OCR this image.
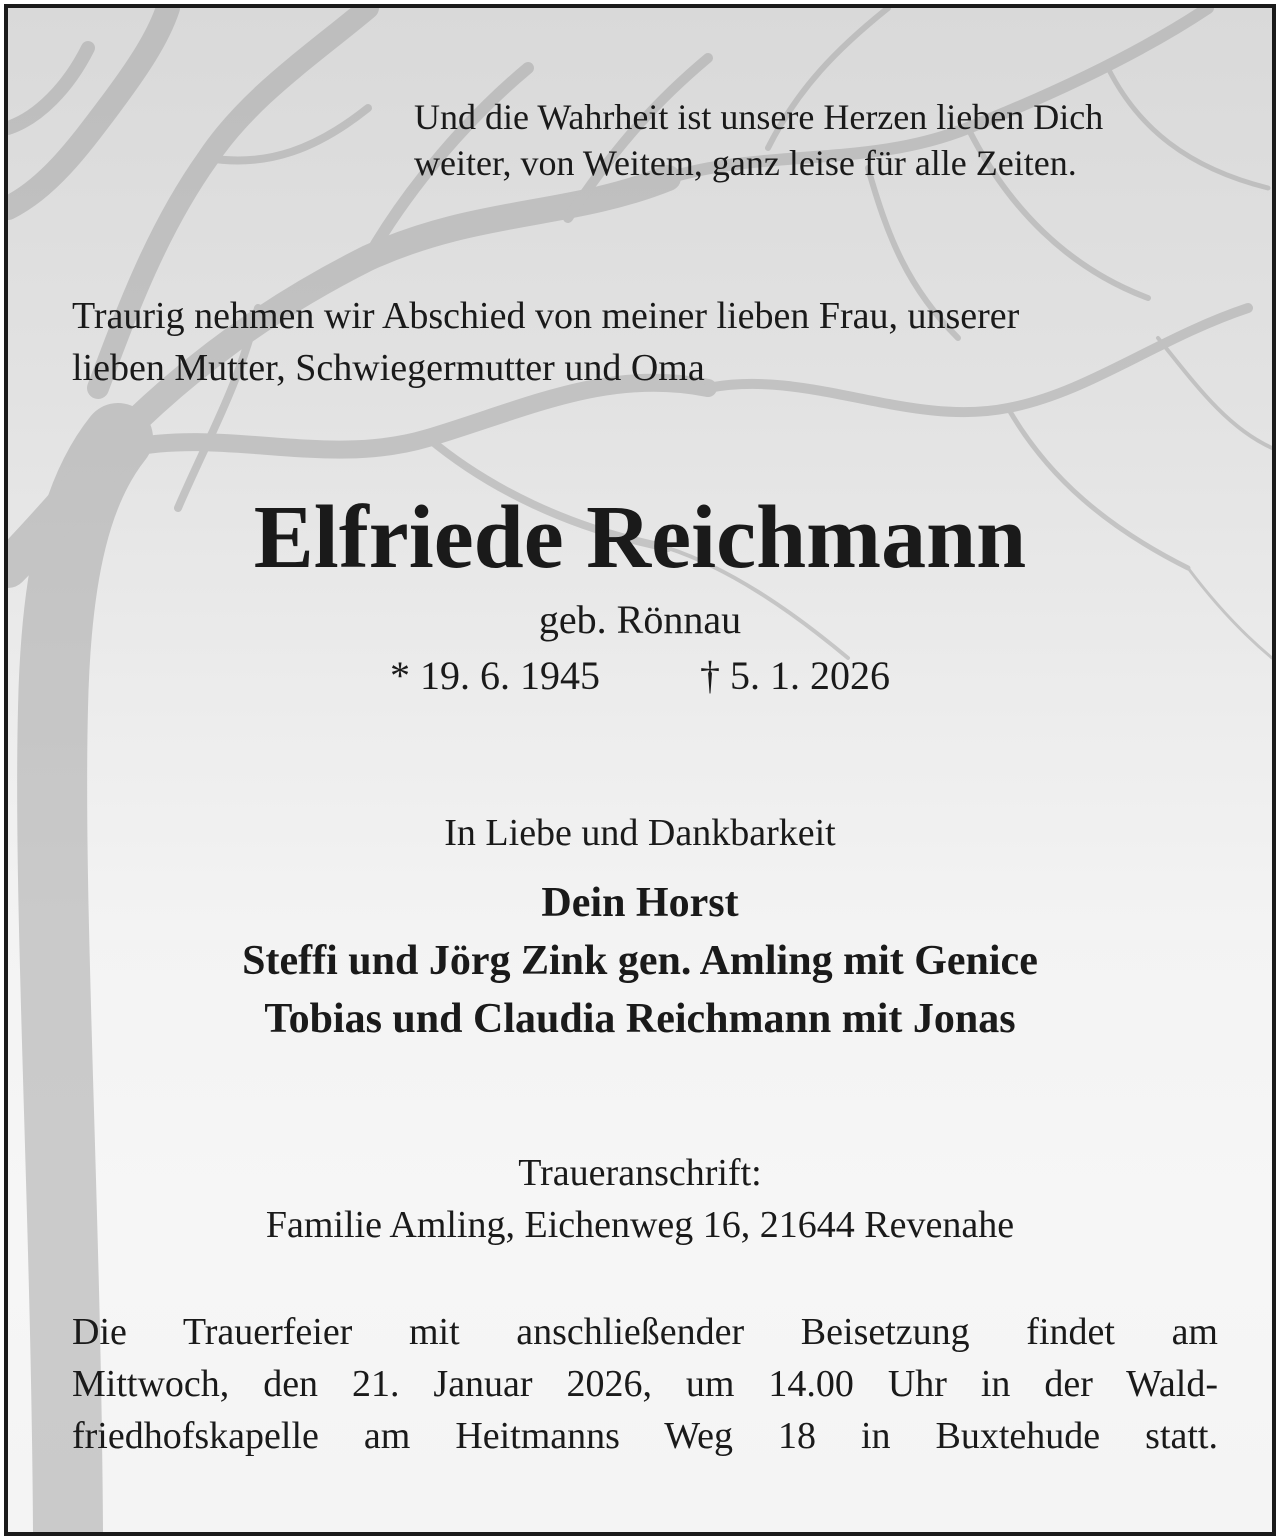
Und die Wahrheit ist unsere Herzen lieben Dich
weiter, von Weitem, ganz leise für alle Zeiten.
Traurig nehmen wir Abschied von meiner lieben Frau, unserer
lieben Mutter, Schwiegermutter und Oma
Elfriede Reichmann
geb. Rönnau
* 19. 6. 1945	† 5. 1. 2026
In Liebe und Dankbarkeit
Dein Horst
Steffi und Jörg Zink gen. Amling mit Genice
Tobias und Claudia Reichmann mit Jonas
Traueranschrift:
Familie Amling, Eichenweg 16, 21644 Revenahe
Die Trauerfeier mit anschließender Beisetzung findet am
Mittwoch, den 21. Januar 2026, um 14.00 Uhr in der Wald-
friedhofskapelle am Heitmanns Weg 18 in Buxtehude statt.
